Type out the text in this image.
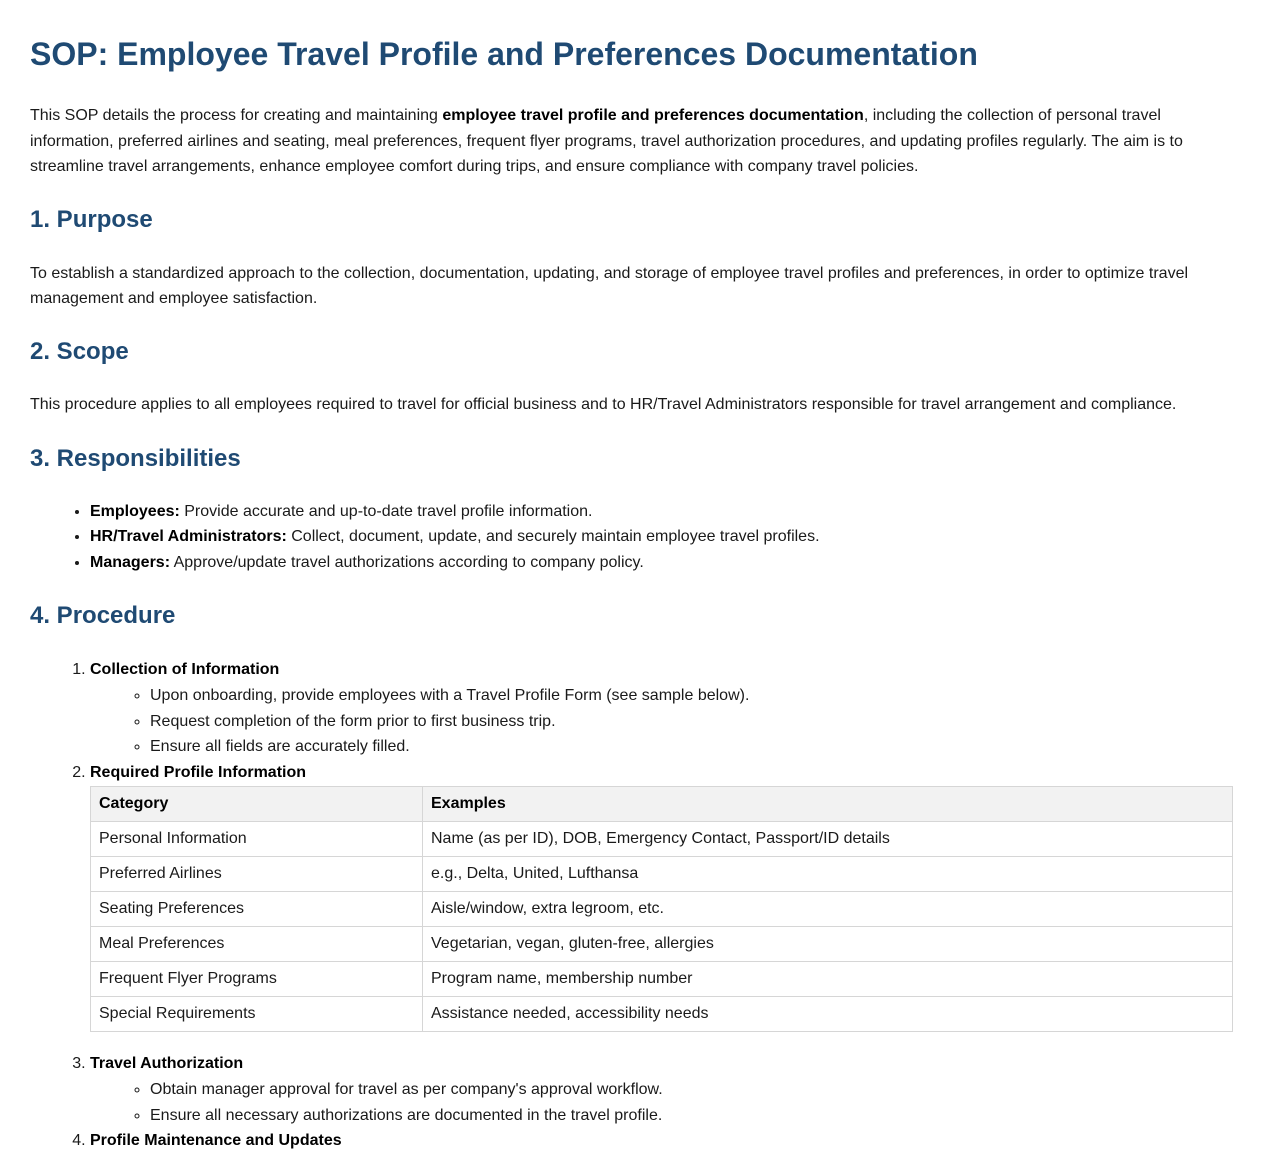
SOP: Employee Travel Profile and Preferences Documentation

This SOP details the process for creating and maintaining employee travel profile and preferences documentation, including the collection of personal travel information, preferred airlines and seating, meal preferences, frequent flyer programs, travel authorization procedures, and updating profiles regularly. The aim is to streamline travel arrangements, enhance employee comfort during trips, and ensure compliance with company travel policies.

1. Purpose

To establish a standardized approach to the collection, documentation, updating, and storage of employee travel profiles and preferences, in order to optimize travel management and employee satisfaction.

2. Scope

This procedure applies to all employees required to travel for official business and to HR/Travel Administrators responsible for travel arrangement and compliance.

3. Responsibilities
• Employees: Provide accurate and up-to-date travel profile information.
• HR/Travel Administrators: Collect, document, update, and securely maintain employee travel profiles.
• Managers: Approve/update travel authorizations according to company policy.
4. Procedure
1. Collection of Information
◦ Upon onboarding, provide employees with a Travel Profile Form (see sample below).
◦ Request completion of the form prior to first business trip.
◦ Ensure all fields are accurately filled.
2. Required Profile Information
Category	Examples
Personal Information	Name (as per ID), DOB, Emergency Contact, Passport/ID details
Preferred Airlines	e.g., Delta, United, Lufthansa
Seating Preferences	Aisle/window, extra legroom, etc.
Meal Preferences	Vegetarian, vegan, gluten-free, allergies
Frequent Flyer Programs	Program name, membership number
Special Requirements	Assistance needed, accessibility needs
3. Travel Authorization
◦ Obtain manager approval for travel as per company's approval workflow.
◦ Ensure all necessary authorizations are documented in the travel profile.
4. Profile Maintenance and Updates
